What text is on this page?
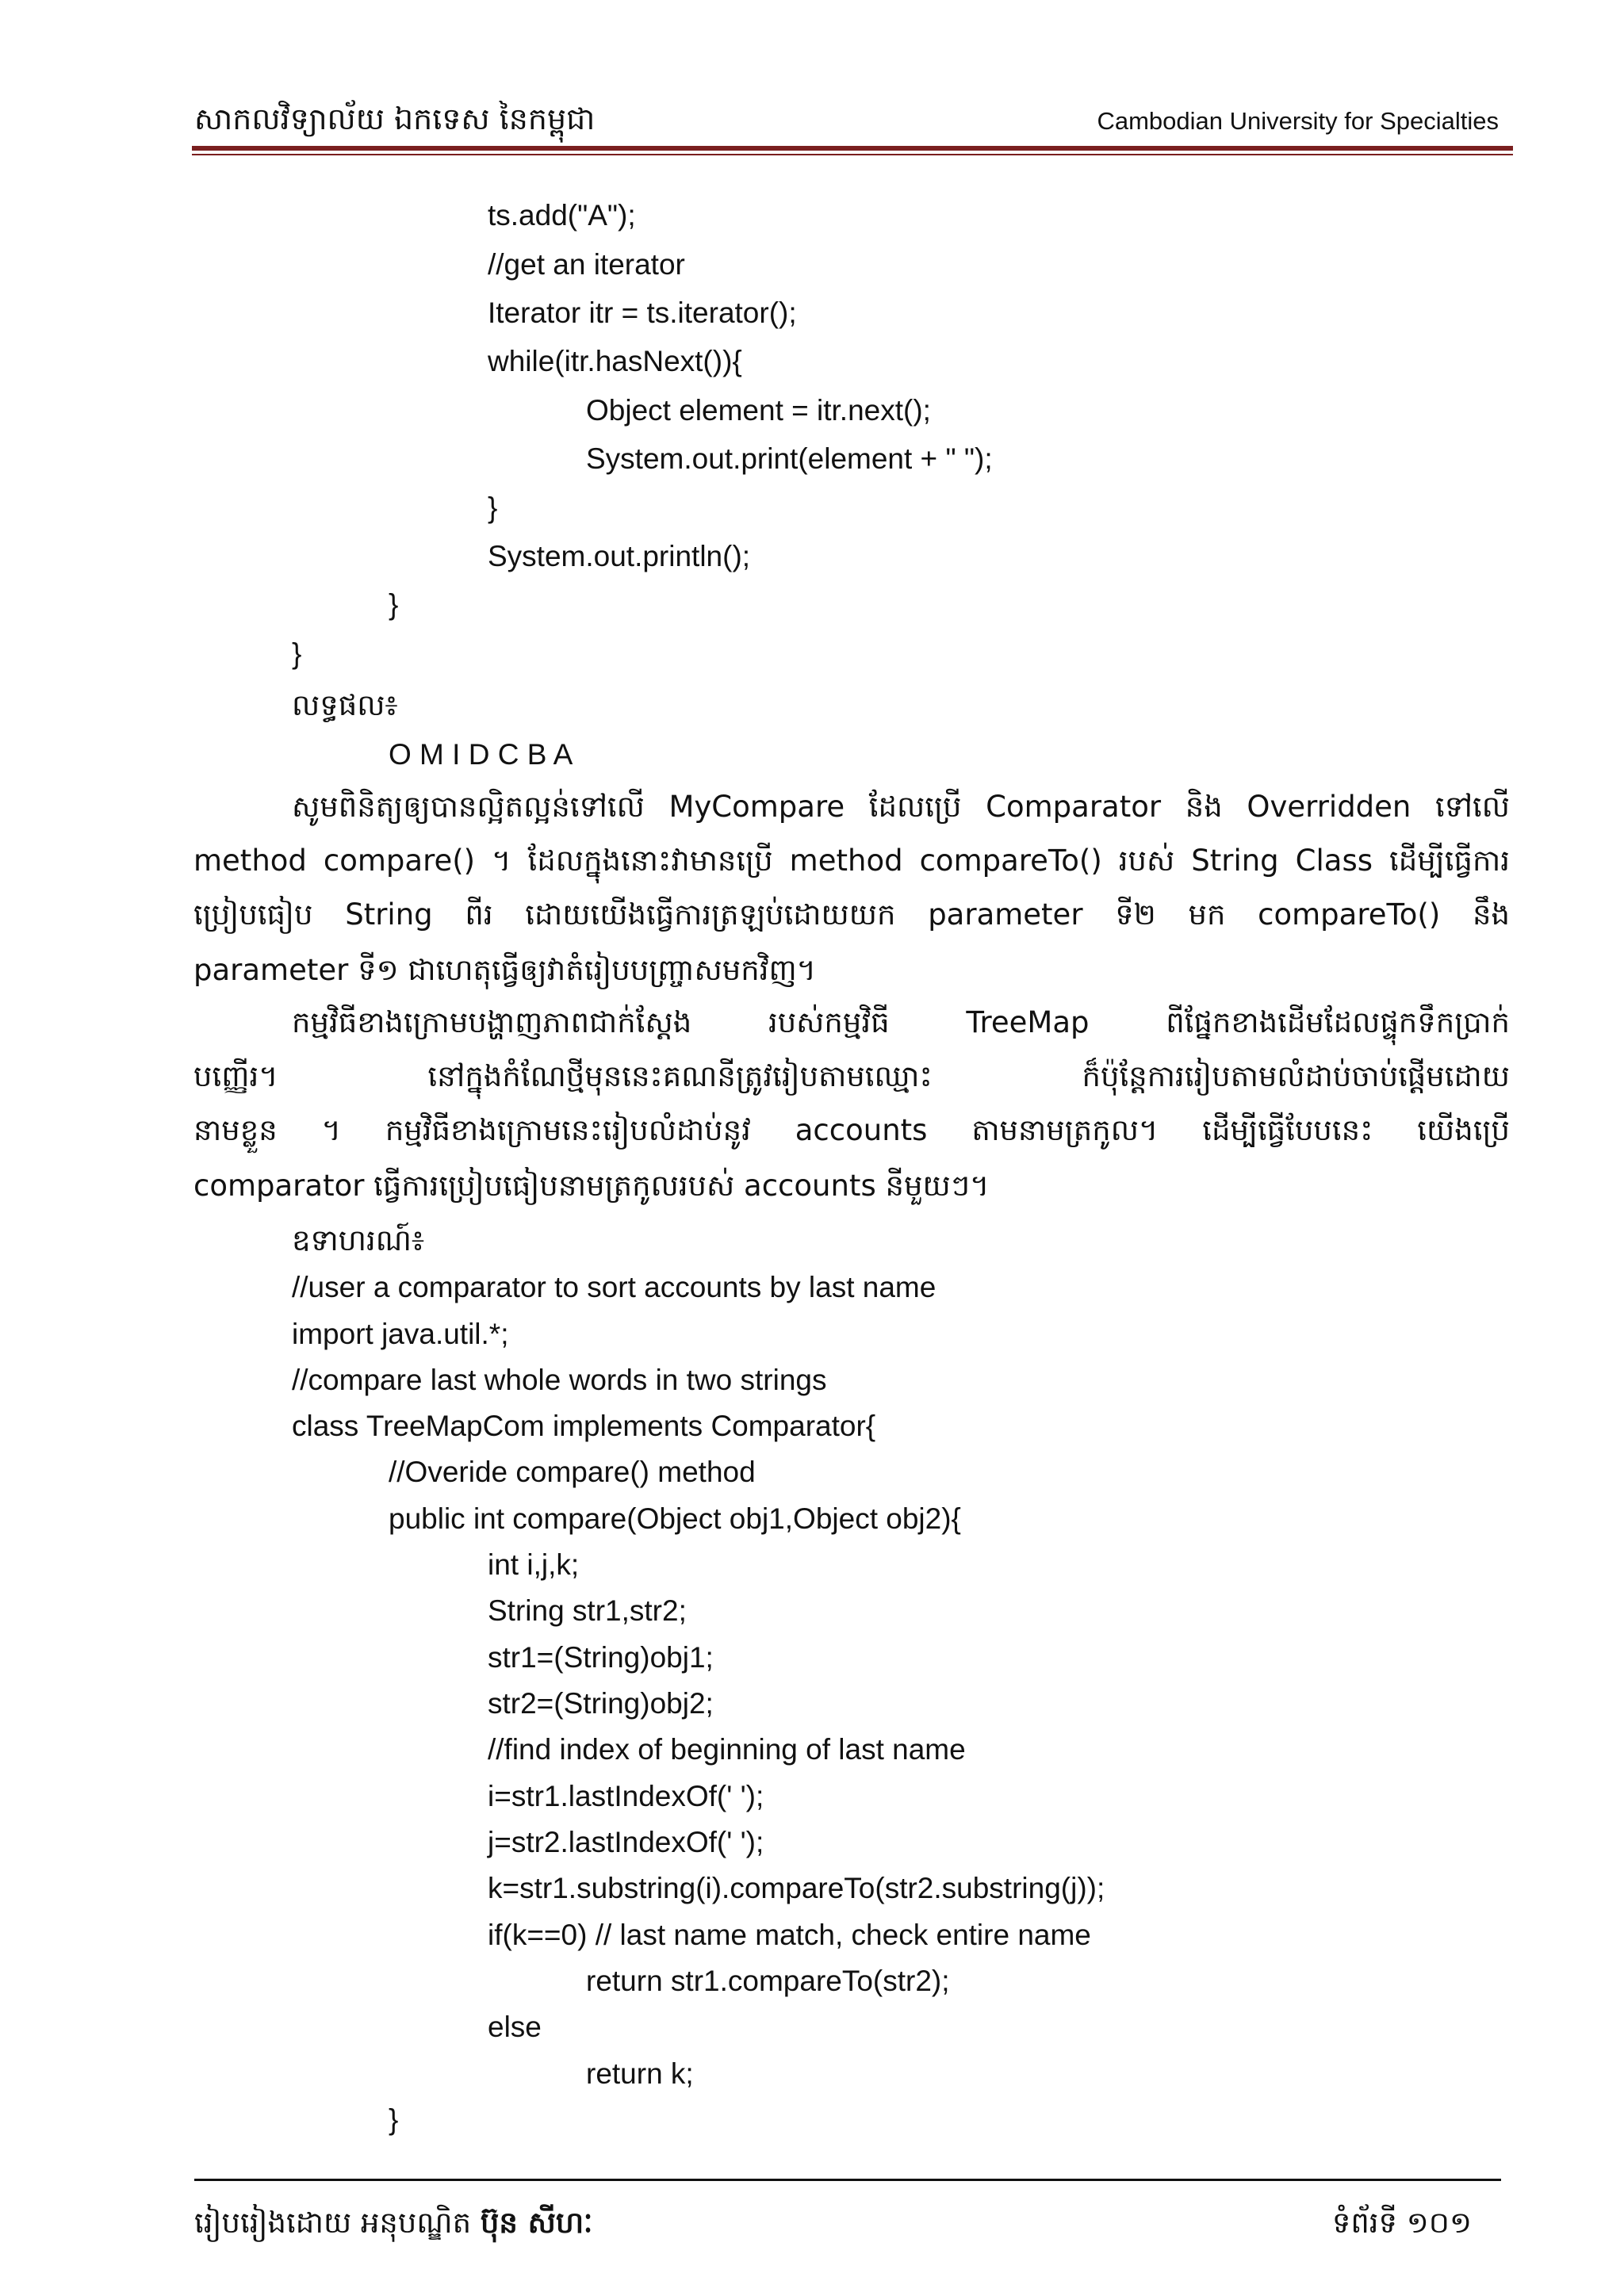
សាកលវិទ្យាល័យ ឯកទេស នៃកម្ពុជា	Cambodian University for Specialties
ts.add("A");
//get an iterator
Iterator itr = ts.iterator();
while(itr.hasNext()){
Object element = itr.next();
System.out.print(element + " ");
}
System.out.println();
}
}
លទ្ធផល៖
O M I D C B A
សូមពិនិត្យឲ្យបានល្អិតល្អន់ទៅលើ MyCompare ដែលប្រើ Comparator និង Overridden ទៅលើ
method compare() ។ ដែលក្នុងនោះវាមានប្រើ method compareTo() របស់ String Class ដើម្បីធ្វើការ
ប្រៀបធៀប String ពីរ ដោយយើងធ្វើការត្រឡប់ដោយយក parameter ទី២ មក compareTo() នឹង
parameter ទី១ ជាហេតុធ្វើឲ្យវាតំរៀបបញ្ច្រាសមកវិញ។
កម្មវិធីខាងក្រោមបង្ហាញភាពជាក់ស្តែង របស់កម្មវិធី TreeMap ពីផ្នែកខាងដើមដែលផ្ទុកទឹកប្រាក់
បញ្ញើរ។ នៅក្នុងកំណែថ្មីមុននេះគណនីត្រូវរៀបតាមឈ្មោះ ក៏ប៉ុន្តែការរៀបតាមលំដាប់ចាប់ផ្តើមដោយ
នាមខ្លួន ។ កម្មវិធីខាងក្រោមនេះរៀបលំដាប់នូវ accounts តាមនាមត្រកូល។ ដើម្បីធ្វើបែបនេះ យើងប្រើ
comparator ធ្វើការប្រៀបធៀបនាមត្រកូលរបស់ accounts នីមួយៗ។
ឧទាហរណ៍៖
//user a comparator to sort accounts by last name
import java.util.*;
//compare last whole words in two strings
class TreeMapCom implements Comparator{
//Overide compare() method
public int compare(Object obj1,Object obj2){
int i,j,k;
String str1,str2;
str1=(String)obj1;
str2=(String)obj2;
//find index of beginning of last name
i=str1.lastIndexOf(' ');
j=str2.lastIndexOf(' ');
k=str1.substring(i).compareTo(str2.substring(j));
if(k==0) // last name match, check entire name
return str1.compareTo(str2);
else
return k;
}
រៀបរៀងដោយ អនុបណ្ឌិត ប៊ុន សីហៈ	ទំព័រទី ១០១
